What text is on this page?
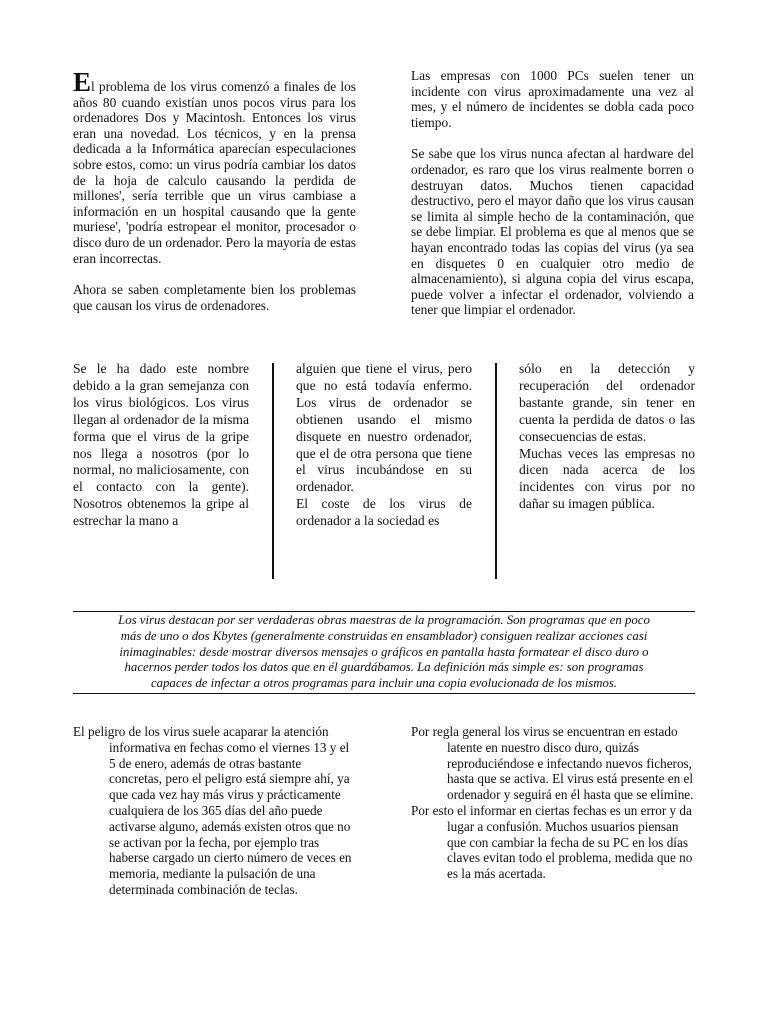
El problema de los virus comenzó a finales de los años 80 cuando existían unos pocos virus para los ordenadores Dos y Macintosh. Entonces los virus eran una novedad. Los técnicos, y en la prensa dedicada a la Informática aparecían especulaciones sobre estos, como: un virus podría cambiar los datos de la hoja de calculo causando la perdida de millones', sería terrible que un virus cambiase a información en un hospital causando que la gente muriese', 'podría estropear el monitor, procesador o disco duro de un ordenador. Pero la mayoría de estas eran incorrectas.

Ahora se saben completamente bien los problemas que causan los virus de ordenadores.

Las empresas con 1000 PCs suelen tener un incidente con virus aproximadamente una vez al mes, y el número de incidentes se dobla cada poco tiempo.

Se sabe que los virus nunca afectan al hardware del ordenador, es raro que los virus realmente borren o destruyan datos. Muchos tienen capacidad destructivo, pero el mayor daño que los virus causan se limita al simple hecho de la contaminación, que se debe limpiar. El problema es que al menos que se hayan encontrado todas las copias del virus (ya sea en disquetes 0 en cualquier otro medio de almacenamiento), si alguna copia del virus escapa, puede volver a infectar el ordenador, volviendo a tener que limpiar el ordenador.

Se le ha dado este nombre debido a la gran semejanza con los virus biológicos. Los virus llegan al ordenador de la misma forma que el virus de la gripe nos llega a nosotros (por lo normal, no maliciosamente, con el contacto con la gente). Nosotros obtenemos la gripe al estrechar la mano a

alguien que tiene el virus, pero que no está todavía enfermo. Los virus de ordenador se obtienen usando el mismo disquete en nuestro ordenador, que el de otra persona que tiene el virus incubándose en su ordenador.

El coste de los virus de ordenador a la sociedad es

sólo en la detección y recuperación del ordenador bastante grande, sin tener en cuenta la perdida de datos o las consecuencias de estas.

Muchas veces las empresas no dicen nada acerca de los incidentes con virus por no dañar su imagen pública.

Los virus destacan por ser verdaderas obras maestras de la programación. Son programas que en poco más de uno o dos Kbytes (generalmente construidas en ensamblador) consiguen realizar acciones casi inimaginables: desde mostrar diversos mensajes o gráficos en pantalla hasta formatear el disco duro o hacernos perder todos los datos que en él guardábamos. La definición más simple es: son programas capaces de infectar a otros programas para incluir una copia evolucionada de los mismos.

El peligro de los virus suele acaparar la atención informativa en fechas como el viernes 13 y el 5 de enero, además de otras bastante concretas, pero el peligro está siempre ahí, ya que cada vez hay más virus y prácticamente cualquiera de los 365 días del año puede activarse alguno, además existen otros que no se activan por la fecha, por ejemplo tras haberse cargado un cierto número de veces en memoria, mediante la pulsación de una determinada combinación de teclas.

Por regla general los virus se encuentran en estado latente en nuestro disco duro, quizás reproduciéndose e infectando nuevos ficheros, hasta que se activa. El virus está presente en el ordenador y seguirá en él hasta que se elimine.

Por esto el informar en ciertas fechas es un error y da lugar a confusión. Muchos usuarios piensan que con cambiar la fecha de su PC en los días claves evitan todo el problema, medida que no es la más acertada.
